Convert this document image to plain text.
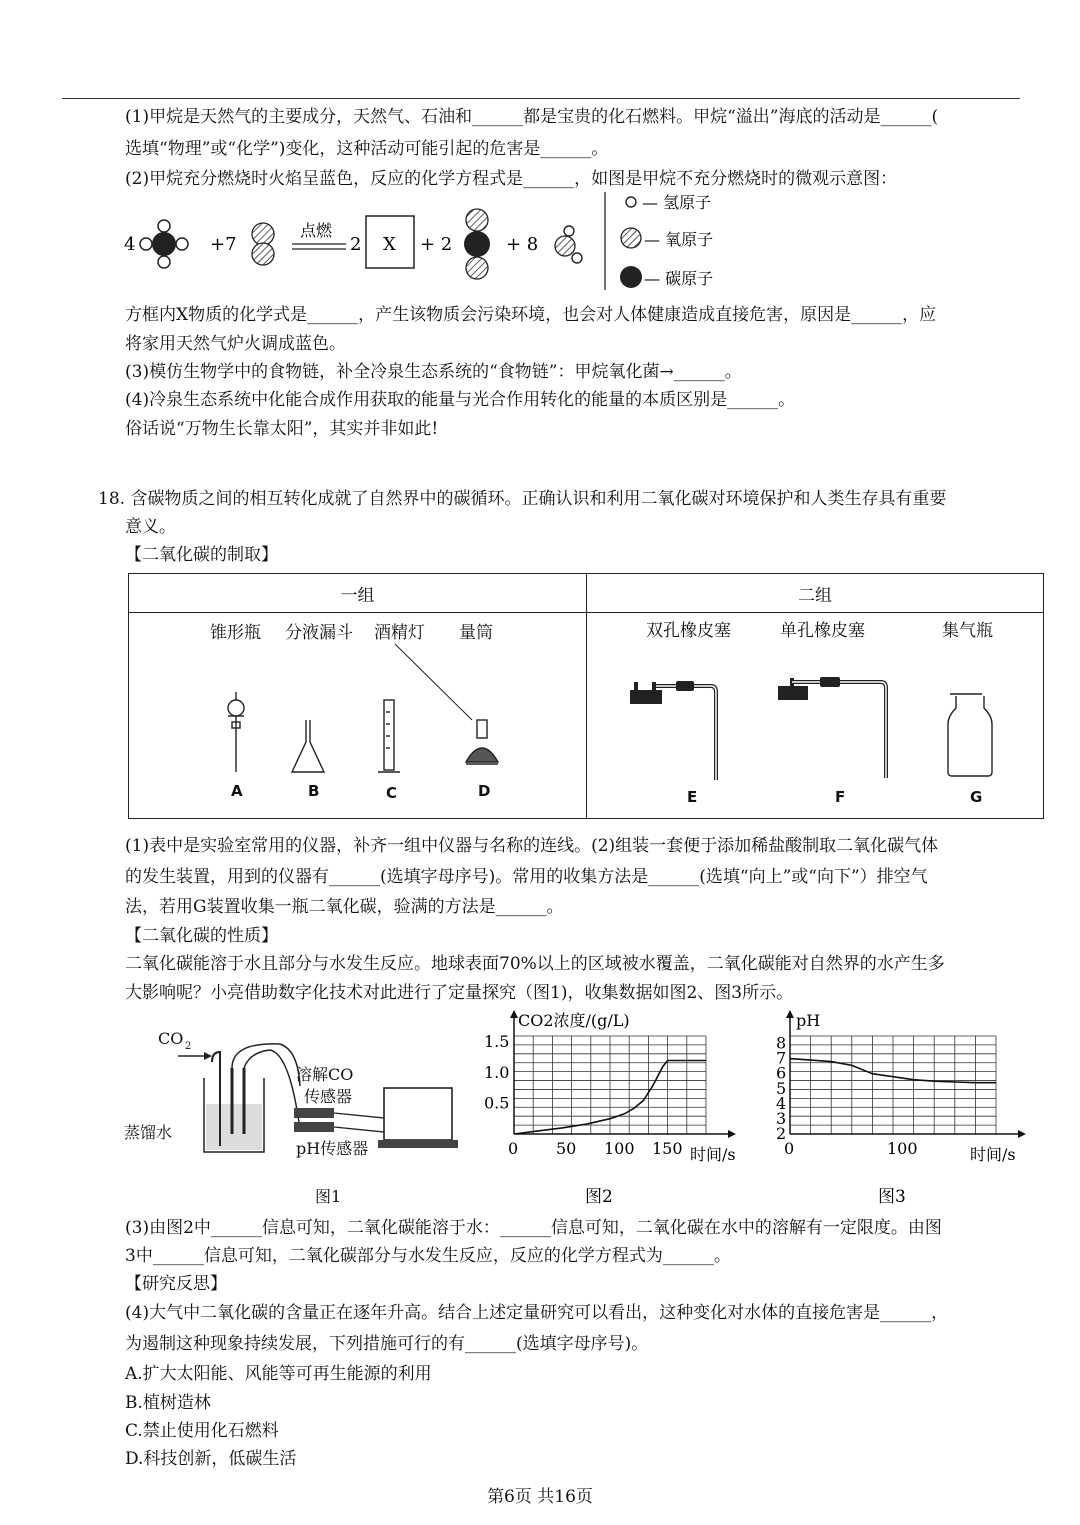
(1)甲烷是天然气的主要成分，天然气、石油和______都是宝贵的化石燃料。甲烷“溢出”海底的活动是______(
选填“物理”或“化学”)变化，这种活动可能引起的危害是______。
(2)甲烷充分燃烧时火焰呈蓝色，反应的化学方程式是______，如图是甲烷不充分燃烧时的微观示意图：
4	+7
点燃
2 X + 2	+ 8
— 氢原子
— 氧原子
— 碳原子
方框内X物质的化学式是______，产生该物质会污染环境，也会对人体健康造成直接危害，原因是______，应
将家用天然气炉火调成蓝色。
(3)模仿生物学中的食物链，补全冷泉生态系统的“食物链”：甲烷氧化菌→______。
(4)冷泉生态系统中化能合成作用获取的能量与光合作用转化的能量的本质区别是______。
俗话说“万物生长靠太阳”，其实并非如此!
18. 含碳物质之间的相互转化成就了自然界中的碳循环。正确认识和利用二氧化碳对环境保护和人类生存具有重要
意义。
【二氧化碳的制取】
一组	二组

锥形瓶 分液漏斗 酒精灯 量筒	双孔橡皮塞	单孔橡皮塞	集气瓶
A	B	C	D	E	F	G
(1)表中是实验室常用的仪器，补齐一组中仪器与名称的连线。(2)组装一套便于添加稀盐酸制取二氧化碳气体
的发生装置，用到的仪器有______(选填字母序号)。常用的收集方法是______(选填“向上”或“向下”）排空气
法，若用G装置收集一瓶二氧化碳，验满的方法是______。
【二氧化碳的性质】
二氧化碳能溶于水且部分与水发生反应。地球表面70%以上的区域被水覆盖，二氧化碳能对自然界的水产生多
大影响呢？小亮借助数字化技术对此进行了定量探究（图1)，收集数据如图2、图3所示。
CO 2
蒸馏水
溶解CO
传感器
pH传感器
图1
CO2浓度/(g/L)
时间/s
图2
0 50 100 150
0.5
1.0
1.5
pH
时间/s
图3
0	100
2
3
4
5
6
7
8
(3)由图2中______信息可知，二氧化碳能溶于水：______信息可知，二氧化碳在水中的溶解有一定限度。由图
3中______信息可知，二氧化碳部分与水发生反应，反应的化学方程式为______。
【研究反思】
(4)大气中二氧化碳的含量正在逐年升高。结合上述定量研究可以看出，这种变化对水体的直接危害是______，
为遏制这种现象持续发展，下列措施可行的有______(选填字母序号)。
A.扩大太阳能、风能等可再生能源的利用
B.植树造林
C.禁止使用化石燃料
D.科技创新，低碳生活
第6页 共16页
